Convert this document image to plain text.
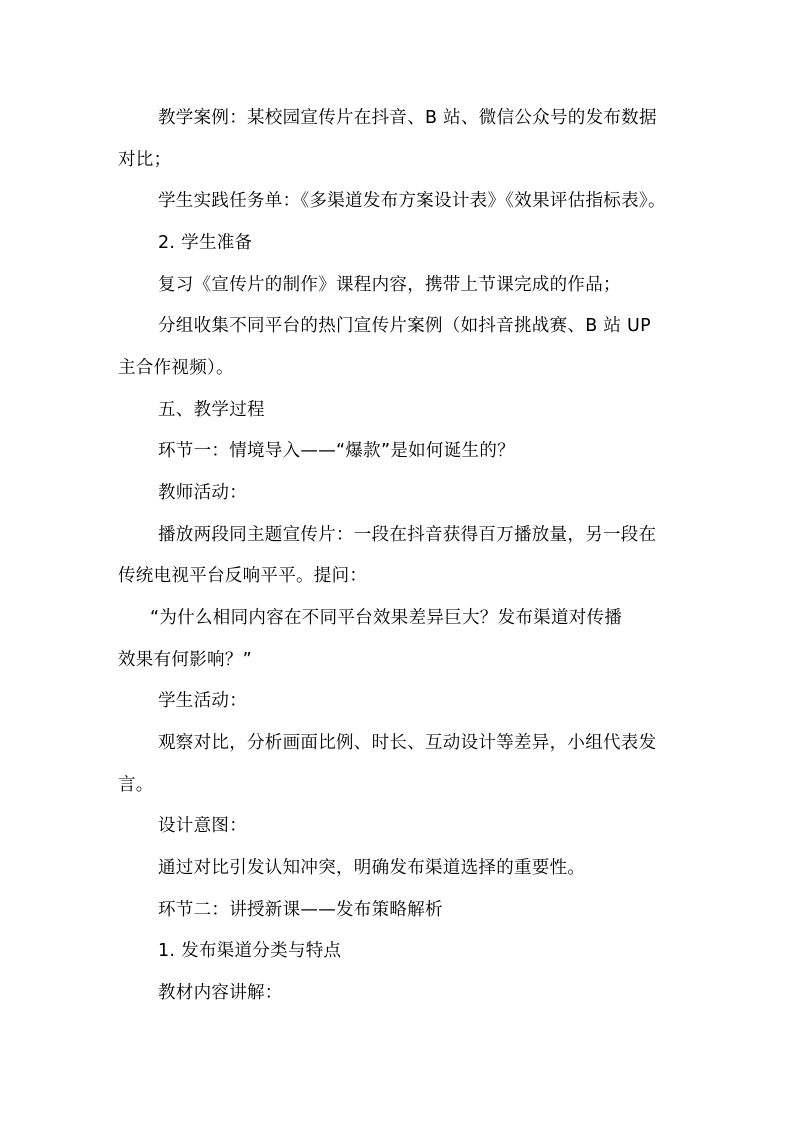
教学案例：某校园宣传片在抖音、B 站、微信公众号的发布数据
对比；
学生实践任务单：《多渠道发布方案设计表》《效果评估指标表》。
2. 学生准备
复习《宣传片的制作》课程内容，携带上节课完成的作品；
分组收集不同平台的热门宣传片案例（如抖音挑战赛、B 站 UP
主合作视频）。
五、教学过程
环节一：情境导入——“爆款”是如何诞生的？
教师活动：
播放两段同主题宣传片：一段在抖音获得百万播放量，另一段在
传统电视平台反响平平。提问：
“为什么相同内容在不同平台效果差异巨大？发布渠道对传播
效果有何影响？”
学生活动：
观察对比，分析画面比例、时长、互动设计等差异，小组代表发
言。
设计意图：
通过对比引发认知冲突，明确发布渠道选择的重要性。
环节二：讲授新课——发布策略解析
1. 发布渠道分类与特点
教材内容讲解：
